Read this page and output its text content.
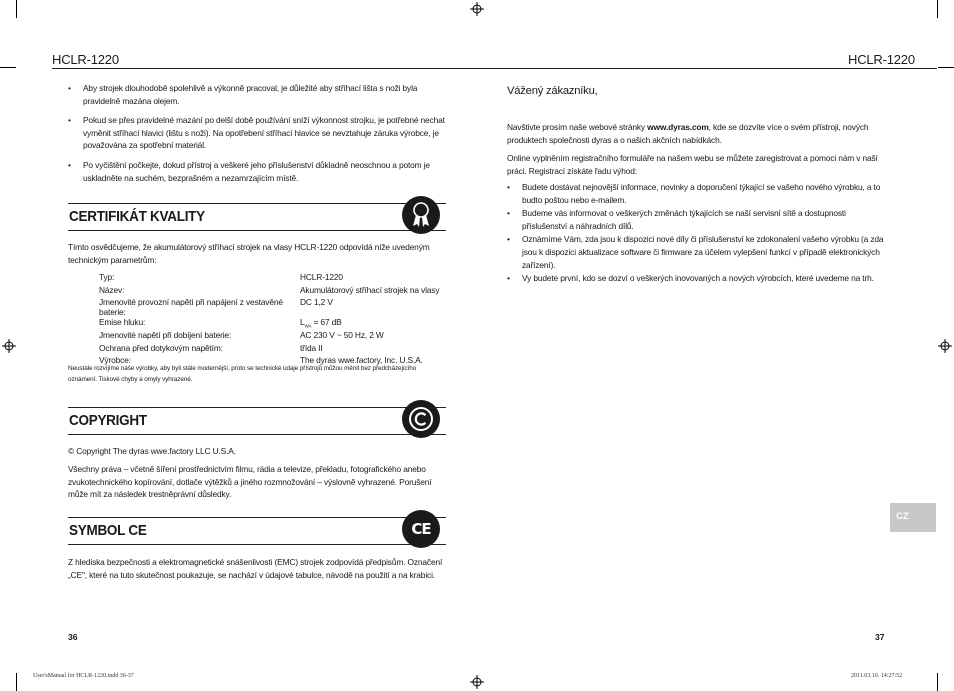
HCLR-1220	HCLR-1220
• Aby strojek dlouhodobě spolehlivě a výkonně pracoval, je důležité aby stříhací lišta s noži byla pravidelně mazána olejem.
• Pokud se přes pravidelné mazání po delší době používání sníží výkonnost strojku, je potřebné nechat vyměnit stříhací hlavici (lištu s noži). Na opotřebení stříhací hlavice se nevztahuje záruka výrobce, je považována za spotřební materiál.
• Po vyčištění počkejte, dokud přístroj a veškeré jeho příslušenství důkladně neoschnou a potom je uskladněte na suchém, bezprašném a nezamrzajícím místě.
CERTIFIKÁT KVALITY
Tímto osvědčujeme, že akumulátorový stříhací strojek na vlasy HCLR-1220 odpovídá níže uvedeným technickým parametrům:
Typ:	HCLR-1220
Název:	Akumulátorový stříhací strojek na vlasy
Jmenovité provozní napětí při napájení z vestavěné baterie:	DC 1,2 V
Emise hluku:	$L_{WA} = 67$ dB
Jmenovité napětí při dobíjení baterie:	AC 230 V ~ 50 Hz, 2 W
Ochrana před dotykovým napětím:	třída II
Výrobce:	The dyras wwe.factory, Inc. U.S.A.
Neustále rozvíjíme naše výrobky, aby byli stále modernější, proto se technické údaje přístrojů můžou měnit bez předcházejícího oznámení. Tiskové chyby a omyly vyhrazené.
COPYRIGHT
© Copyright The dyras wwe.factory LLC U.S.A.
Všechny práva – včetně šíření prostřednictvím filmu, rádia a televize, překladu, fotografického anebo zvukotechnického kopírování, dotlače výtěžků a jiného rozmnožování – výslovně vyhrazené. Porušení může mít za následek trestněprávní důsledky.
SYMBOL CE	CE
Z hlediska bezpečnosti a elektromagnetické snášenlivosti (EMC) strojek zodpovídá předpisům. Označení „CE", které na tuto skutečnost poukazuje, se nachází v údajové tabulce, návodě na použití a na krabici.
36
Vážený zákazníku,
Navštivte prosím naše webové stránky www.dyras.com, kde se dozvíte více o svém přístroji, nových produktech společnosti dyras a o našich akčních nabídkách.
Online vyplněním registračního formuláře na našem webu se můžete zaregistrovat a pomoci nám v naší práci. Registrací získáte řadu výhod:
• Budete dostávat nejnovější informace, novinky a doporučení týkající se vašeho nového výrobku, a to budto poštou nebo e-mailem.
• Budeme vás informovat o veškerých změnách týkajících se naší servisní sítě a dostupnosti příslušenství a náhradních dílů.
• Oznámíme Vám, zda jsou k dispozici nové díly či příslušenství ke zdokonalení vašeho výrobku (a zda jsou k dispozici aktualizace software či firmware za účelem vylepšení funkcí v případě elektronických zařízení).
• Vy budete první, kdo se dozví o veškerých inovovaných a nových výrobcích, které uvedeme na trh.
CZ
37
User'sManual for HCLR-1220.indd 36-37	2011.03.10. 14:27:52
